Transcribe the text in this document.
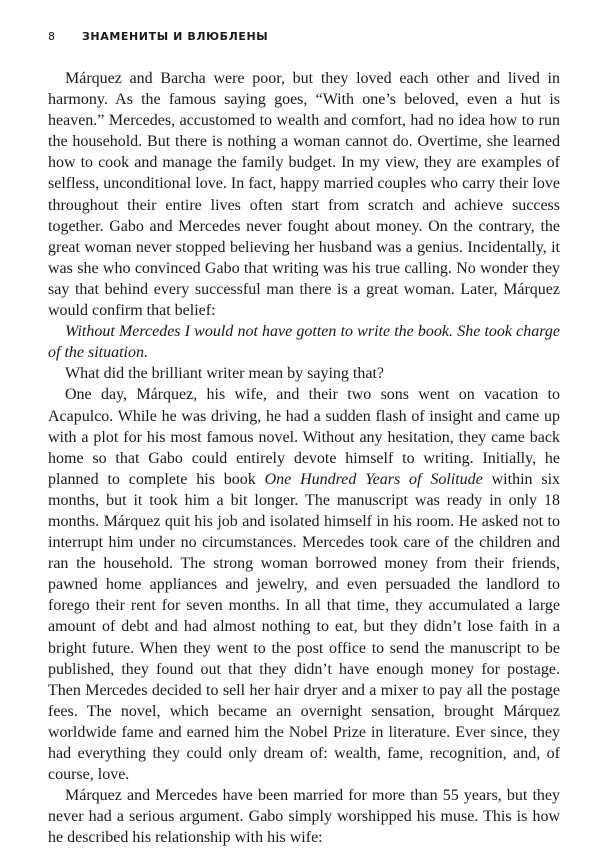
8 ЗНАМЕНИТЫ И ВЛЮБЛЕНЫ

Márquez and Barcha were poor, but they loved each other and lived in harmony. As the famous saying goes, “With one’s beloved, even a hut is heaven.” Mercedes, accustomed to wealth and comfort, had no idea how to run the household. But there is nothing a woman cannot do. Overtime, she learned how to cook and manage the family budget. In my view, they are examples of selfless, unconditional love. In fact, happy married couples who carry their love throughout their entire lives often start from scratch and achieve success together. Gabo and Mercedes never fought about money. On the contrary, the great woman never stopped believing her husband was a genius. Incidentally, it was she who convinced Gabo that writing was his true calling. No wonder they say that behind every successful man there is a great woman. Later, Márquez would confirm that belief:

Without Mercedes I would not have gotten to write the book. She took charge of the situation.

What did the brilliant writer mean by saying that?

One day, Márquez, his wife, and their two sons went on vacation to Acapulco. While he was driving, he had a sudden flash of insight and came up with a plot for his most famous novel. Without any hesitation, they came back home so that Gabo could entirely devote himself to writing. Initially, he planned to complete his book One Hundred Years of Solitude within six months, but it took him a bit longer. The manuscript was ready in only 18 months. Márquez quit his job and isolated himself in his room. He asked not to interrupt him under no circumstances. Mercedes took care of the children and ran the household. The strong woman borrowed money from their friends, pawned home appliances and jewelry, and even persuaded the landlord to forego their rent for seven months. In all that time, they accumulated a large amount of debt and had almost nothing to eat, but they didn’t lose faith in a bright future. When they went to the post office to send the manuscript to be published, they found out that they didn’t have enough money for postage. Then Mercedes decided to sell her hair dryer and a mixer to pay all the postage fees. The novel, which became an overnight sensation, brought Márquez worldwide fame and earned him the Nobel Prize in literature. Ever since, they had everything they could only dream of: wealth, fame, recognition, and, of course, love.

Márquez and Mercedes have been married for more than 55 years, but they never had a serious argument. Gabo simply worshipped his muse. This is how he described his relationship with his wife:
